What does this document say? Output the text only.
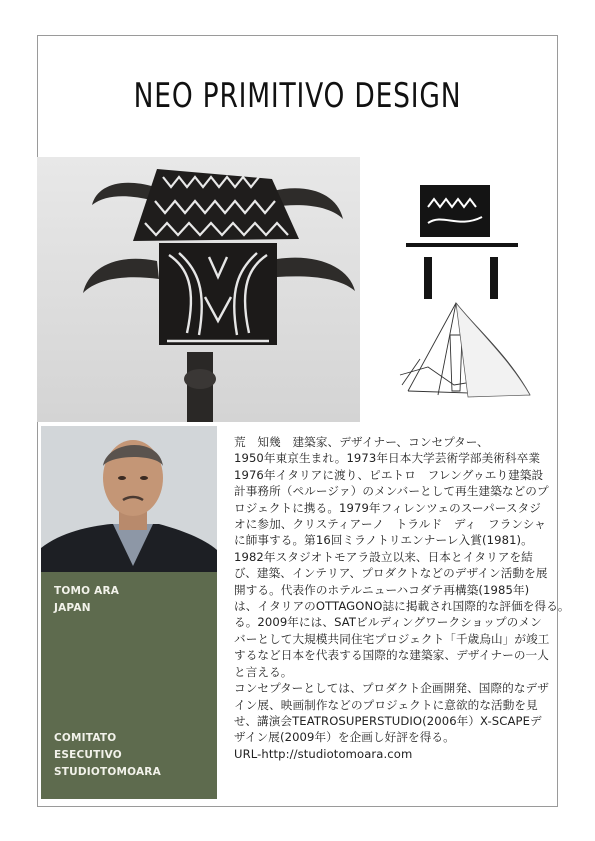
NEO PRIMITIVO DESIGN
TOMO ARA
JAPAN
COMITATO
ESECUTIVO
STUDIOTOMOARA
荒　知幾　建築家、デザイナー、コンセプター、
1950年東京生まれ。1973年日本大学芸術学部美術科卒業
1976年イタリアに渡り、ピエトロ　フレングゥエり建築設
計事務所（ペルージァ）のメンバーとして再生建築などのプ
ロジェクトに携る。1979年フィレンツェのスーパースタジ
オに参加、クリスティアーノ　トラルド　ディ　フランシャ
に師事する。第16回ミラノトリエンナーレ入賞(1981)。
1982年スタジオトモアラ設立以来、日本とイタリアを結
び、建築、インテリア、プロダクトなどのデザイン活動を展
開する。代表作のホテルニューハコダテ再構築(1985年)
は、イタリアのOTTAGONO誌に掲載され国際的な評価を得る。
る。2009年には、SATビルディングワークショップのメン
バーとして大規模共同住宅プロジェクト「千歳烏山」が竣工
するなど日本を代表する国際的な建築家、デザイナーの一人
と言える。
コンセプターとしては、プロダクト企画開発、国際的なデザ
イン展、映画制作などのプロジェクトに意欲的な活動を見
せ、講演会TEATROSUPERSTUDIO(2006年）X-SCAPEデ
ザイン展(2009年）を企画し好評を得る。
URL-http://studiotomoara.com
